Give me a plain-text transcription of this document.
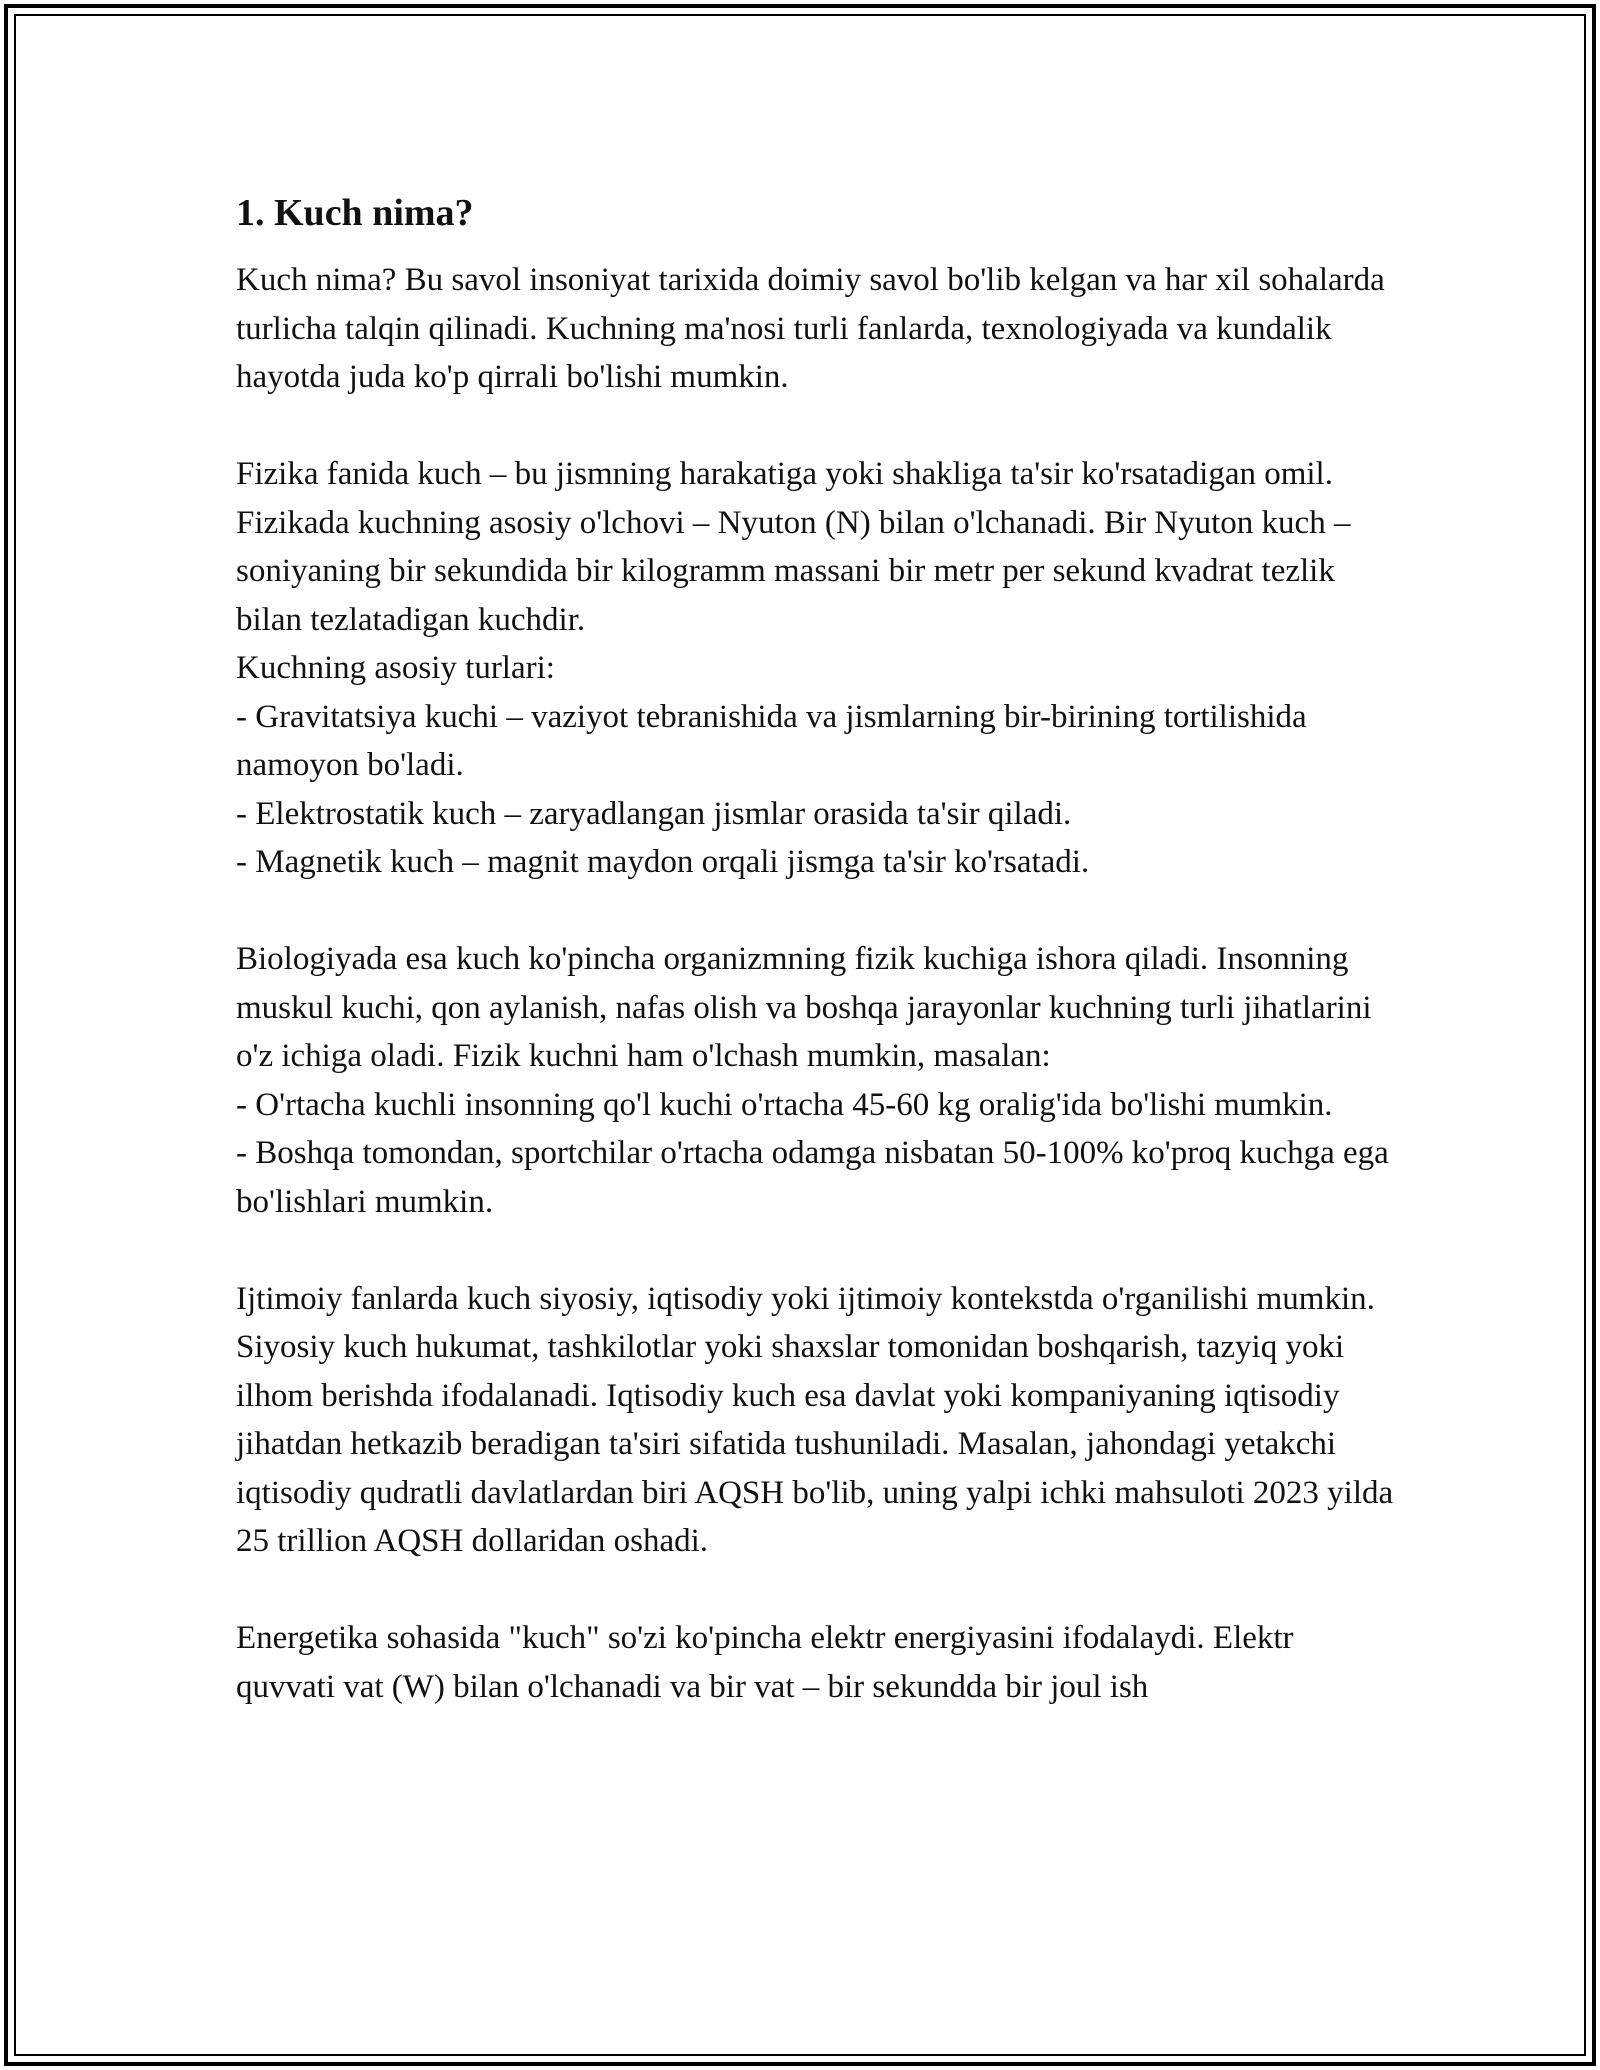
1. Kuch nima?
Kuch nima? Bu savol insoniyat tarixida doimiy savol bo'lib kelgan va har xil sohalarda turlicha talqin qilinadi. Kuchning ma'nosi turli fanlarda, texnologiyada va kundalik hayotda juda ko'p qirrali bo'lishi mumkin.
Fizika fanida kuch – bu jismning harakatiga yoki shakliga ta'sir ko'rsatadigan omil. Fizikada kuchning asosiy o'lchovi – Nyuton (N) bilan o'lchanadi. Bir Nyuton kuch – soniyaning bir sekundida bir kilogramm massani bir metr per sekund kvadrat tezlik bilan tezlatadigan kuchdir.
Kuchning asosiy turlari:
- Gravitatsiya kuchi – vaziyot tebranishida va jismlarning bir-birining tortilishida namoyon bo'ladi.
- Elektrostatik kuch – zaryadlangan jismlar orasida ta'sir qiladi.
- Magnetik kuch – magnit maydon orqali jismga ta'sir ko'rsatadi.
Biologiyada esa kuch ko'pincha organizmning fizik kuchiga ishora qiladi. Insonning muskul kuchi, qon aylanish, nafas olish va boshqa jarayonlar kuchning turli jihatlarini o'z ichiga oladi. Fizik kuchni ham o'lchash mumkin, masalan:
- O'rtacha kuchli insonning qo'l kuchi o'rtacha 45-60 kg oralig'ida bo'lishi mumkin.
- Boshqa tomondan, sportchilar o'rtacha odamga nisbatan 50-100% ko'proq kuchga ega bo'lishlari mumkin.
Ijtimoiy fanlarda kuch siyosiy, iqtisodiy yoki ijtimoiy kontekstda o'rganilishi mumkin. Siyosiy kuch hukumat, tashkilotlar yoki shaxslar tomonidan boshqarish, tazyiq yoki ilhom berishda ifodalanadi. Iqtisodiy kuch esa davlat yoki kompaniyaning iqtisodiy jihatdan hetkazib beradigan ta'siri sifatida tushuniladi. Masalan, jahondagi yetakchi iqtisodiy qudratli davlatlardan biri AQSH bo'lib, uning yalpi ichki mahsuloti 2023 yilda 25 trillion AQSH dollaridan oshadi.
Energetika sohasida "kuch" so'zi ko'pincha elektr energiyasini ifodalaydi. Elektr quvvati vat (W) bilan o'lchanadi va bir vat – bir sekundda bir joul ish
